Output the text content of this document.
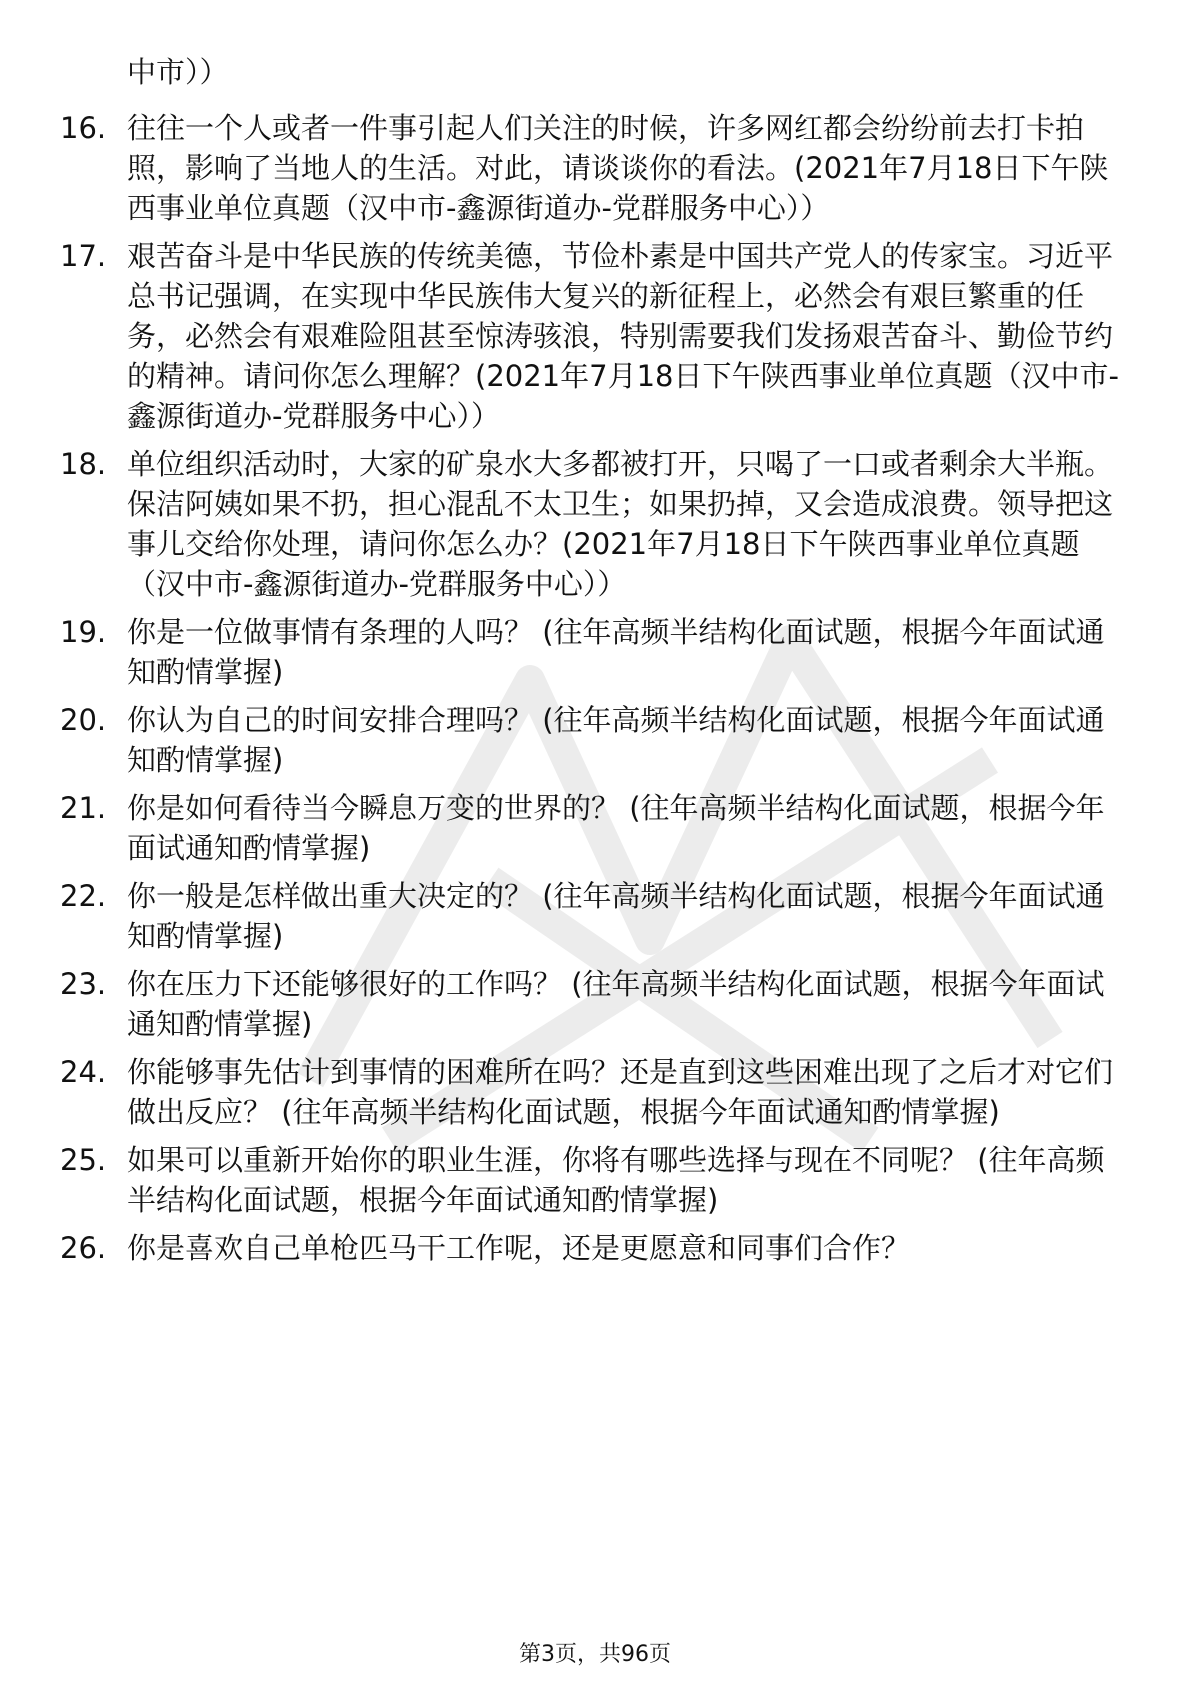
中市））

16. 往往一个人或者一件事引起人们关注的时候，许多网红都会纷纷前去打卡拍照，影响了当地人的生活。对此，请谈谈你的看法。(2021年7月18日下午陕西事业单位真题（汉中市-鑫源街道办-党群服务中心））
17. 艰苦奋斗是中华民族的传统美德，节俭朴素是中国共产党人的传家宝。习近平总书记强调，在实现中华民族伟大复兴的新征程上，必然会有艰巨繁重的任务，必然会有艰难险阻甚至惊涛骇浪，特别需要我们发扬艰苦奋斗、勤俭节约的精神。请问你怎么理解？(2021年7月18日下午陕西事业单位真题（汉中市-鑫源街道办-党群服务中心））
18. 单位组织活动时，大家的矿泉水大多都被打开，只喝了一口或者剩余大半瓶。保洁阿姨如果不扔，担心混乱不太卫生；如果扔掉，又会造成浪费。领导把这事儿交给你处理，请问你怎么办？(2021年7月18日下午陕西事业单位真题（汉中市-鑫源街道办-党群服务中心））
19. 你是一位做事情有条理的人吗？ (往年高频半结构化面试题，根据今年面试通知酌情掌握)
20. 你认为自己的时间安排合理吗？ (往年高频半结构化面试题，根据今年面试通知酌情掌握)
21. 你是如何看待当今瞬息万变的世界的？ (往年高频半结构化面试题，根据今年面试通知酌情掌握)
22. 你一般是怎样做出重大决定的？ (往年高频半结构化面试题，根据今年面试通知酌情掌握)
23. 你在压力下还能够很好的工作吗？ (往年高频半结构化面试题，根据今年面试通知酌情掌握)
24. 你能够事先估计到事情的困难所在吗？还是直到这些困难出现了之后才对它们做出反应？ (往年高频半结构化面试题，根据今年面试通知酌情掌握)
25. 如果可以重新开始你的职业生涯，你将有哪些选择与现在不同呢？ (往年高频半结构化面试题，根据今年面试通知酌情掌握)
26. 你是喜欢自己单枪匹马干工作呢，还是更愿意和同事们合作？
第3页，共96页
